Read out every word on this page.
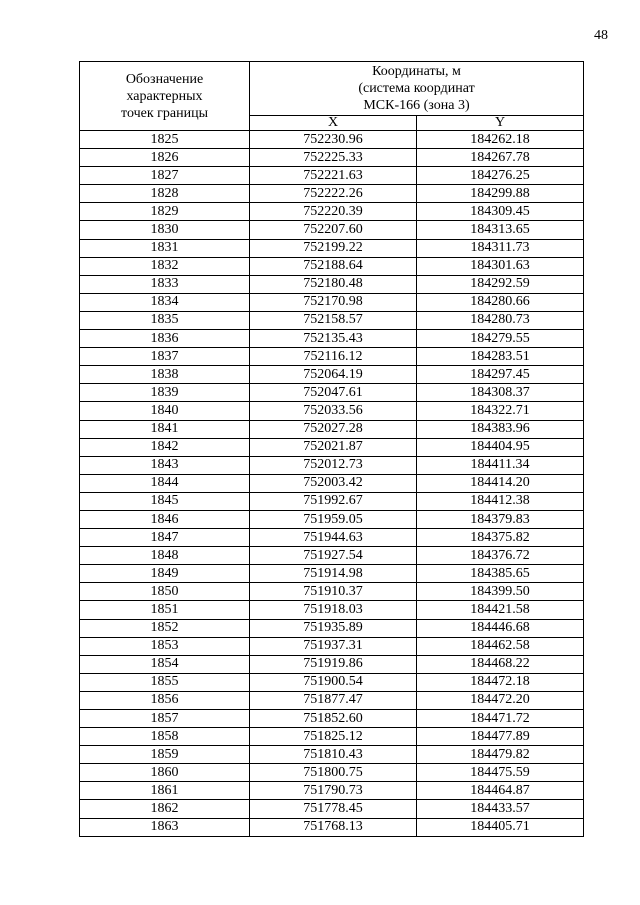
48
Обозначение
характерных
точек границы	Координаты, м
(система координат
МСК-166 (зона 3)	

	X	Y
1825	752230.96	184262.18
1826	752225.33	184267.78
1827	752221.63	184276.25
1828	752222.26	184299.88
1829	752220.39	184309.45
1830	752207.60	184313.65
1831	752199.22	184311.73
1832	752188.64	184301.63
1833	752180.48	184292.59
1834	752170.98	184280.66
1835	752158.57	184280.73
1836	752135.43	184279.55
1837	752116.12	184283.51
1838	752064.19	184297.45
1839	752047.61	184308.37
1840	752033.56	184322.71
1841	752027.28	184383.96
1842	752021.87	184404.95
1843	752012.73	184411.34
1844	752003.42	184414.20
1845	751992.67	184412.38
1846	751959.05	184379.83
1847	751944.63	184375.82
1848	751927.54	184376.72
1849	751914.98	184385.65
1850	751910.37	184399.50
1851	751918.03	184421.58
1852	751935.89	184446.68
1853	751937.31	184462.58
1854	751919.86	184468.22
1855	751900.54	184472.18
1856	751877.47	184472.20
1857	751852.60	184471.72
1858	751825.12	184477.89
1859	751810.43	184479.82
1860	751800.75	184475.59
1861	751790.73	184464.87
1862	751778.45	184433.57
1863	751768.13	184405.71
